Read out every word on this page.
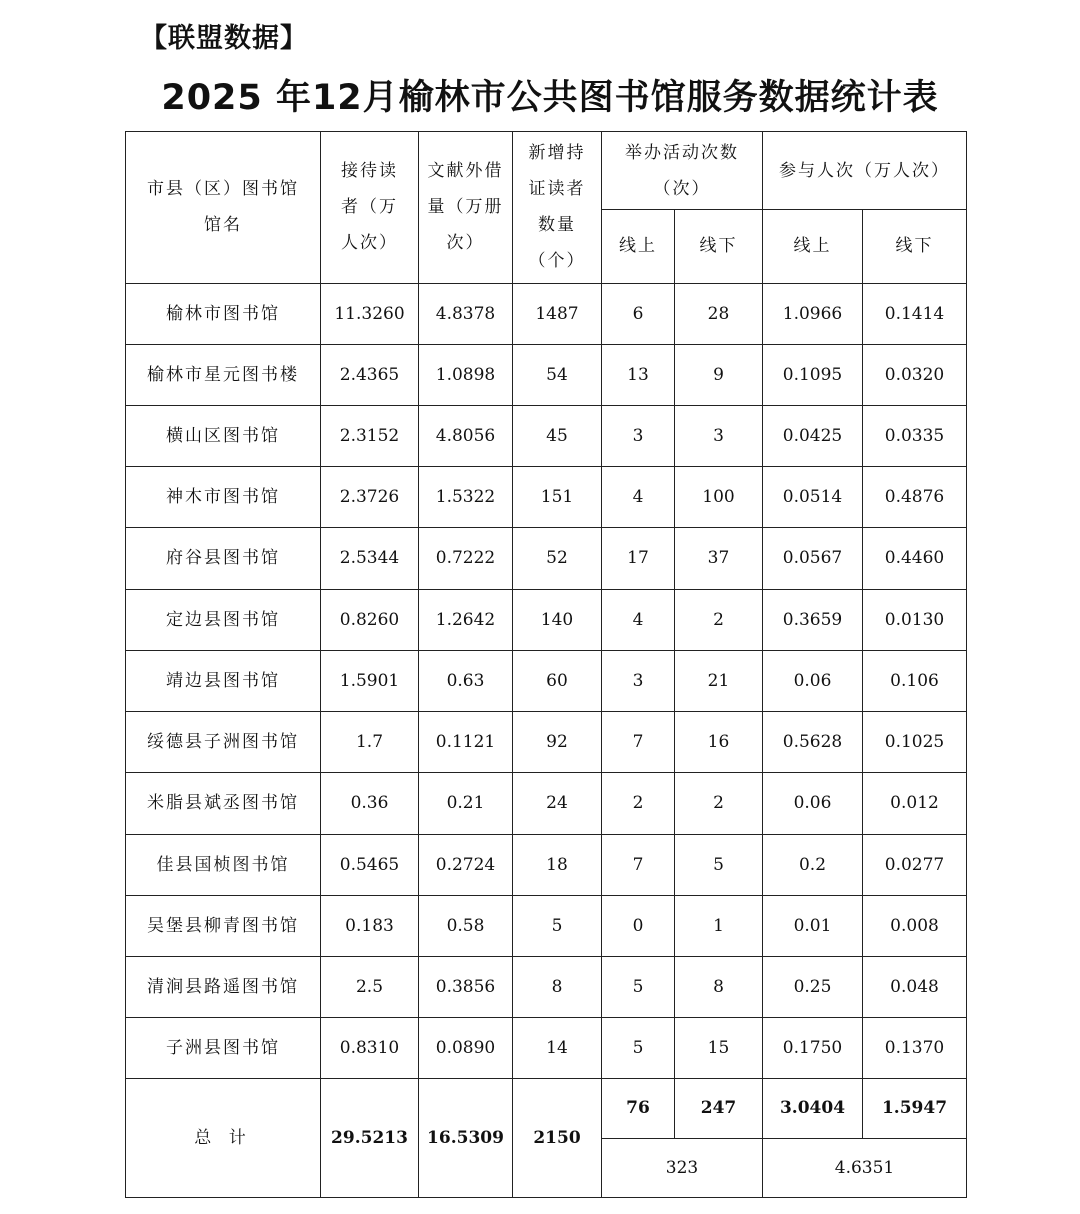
【联盟数据】
2025 年12月榆林市公共图书馆服务数据统计表
市县（区）图书馆馆名	接待读者（万人次）	文献外借量（万册次）	新增持证读者数量（个）	举办活动次数（次）		参与人次（万人次）	
				线上	线下	线上	线下
榆林市图书馆	11.3260	4.8378	1487	6	28	1.0966	0.1414
榆林市星元图书楼	2.4365	1.0898	54	13	9	0.1095	0.0320
横山区图书馆	2.3152	4.8056	45	3	3	0.0425	0.0335
神木市图书馆	2.3726	1.5322	151	4	100	0.0514	0.4876
府谷县图书馆	2.5344	0.7222	52	17	37	0.0567	0.4460
定边县图书馆	0.8260	1.2642	140	4	2	0.3659	0.0130
靖边县图书馆	1.5901	0.63	60	3	21	0.06	0.106
绥德县子洲图书馆	1.7	0.1121	92	7	16	0.5628	0.1025
米脂县斌丞图书馆	0.36	0.21	24	2	2	0.06	0.012
佳县国桢图书馆	0.5465	0.2724	18	7	5	0.2	0.0277
吴堡县柳青图书馆	0.183	0.58	5	0	1	0.01	0.008
清涧县路遥图书馆	2.5	0.3856	8	5	8	0.25	0.048
子洲县图书馆	0.8310	0.0890	14	5	15	0.1750	0.1370
总 计	29.5213	16.5309	2150	76	247	3.0404	1.5947
				323		4.6351	
